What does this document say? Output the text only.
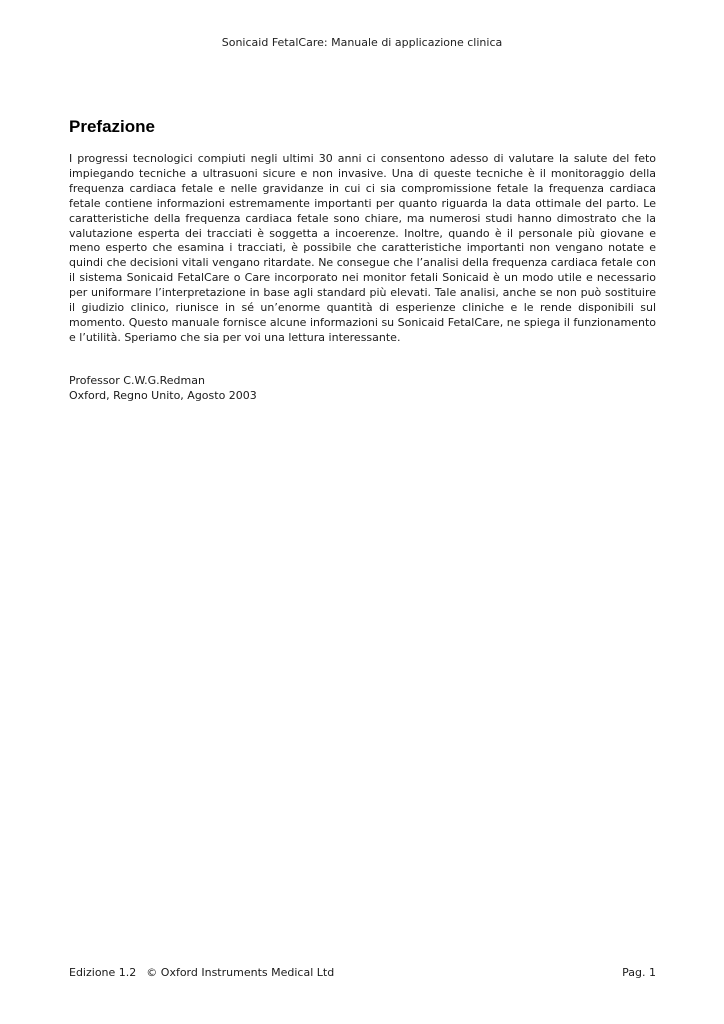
Sonicaid FetalCare: Manuale di applicazione clinica
Prefazione

I progressi tecnologici compiuti negli ultimi 30 anni ci consentono adesso di valutare la salute del feto impiegando tecniche a ultrasuoni sicure e non invasive. Una di queste tecniche è il monitoraggio della frequenza cardiaca fetale e nelle gravidanze in cui ci sia compromissione fetale la frequenza cardiaca fetale contiene informazioni estremamente importanti per quanto riguarda la data ottimale del parto. Le caratteristiche della frequenza cardiaca fetale sono chiare, ma numerosi studi hanno dimostrato che la valutazione esperta dei tracciati è soggetta a incoerenze. Inoltre, quando è il personale più giovane e meno esperto che esamina i tracciati, è possibile che caratteristiche importanti non vengano notate e quindi che decisioni vitali vengano ritardate. Ne consegue che l’analisi della frequenza cardiaca fetale con il sistema Sonicaid FetalCare o Care incorporato nei monitor fetali Sonicaid è un modo utile e necessario per uniformare l’interpretazione in base agli standard più elevati. Tale analisi, anche se non può sostituire il giudizio clinico, riunisce in sé un’enorme quantità di esperienze cliniche e le rende disponibili sul momento. Questo manuale fornisce alcune informazioni su Sonicaid FetalCare, ne spiega il funzionamento e l’utilità. Speriamo che sia per voi una lettura interessante.

Professor C.W.G.Redman
Oxford, Regno Unito, Agosto 2003
Edizione 1.2 © Oxford Instruments Medical Ltd	Pag. 1
